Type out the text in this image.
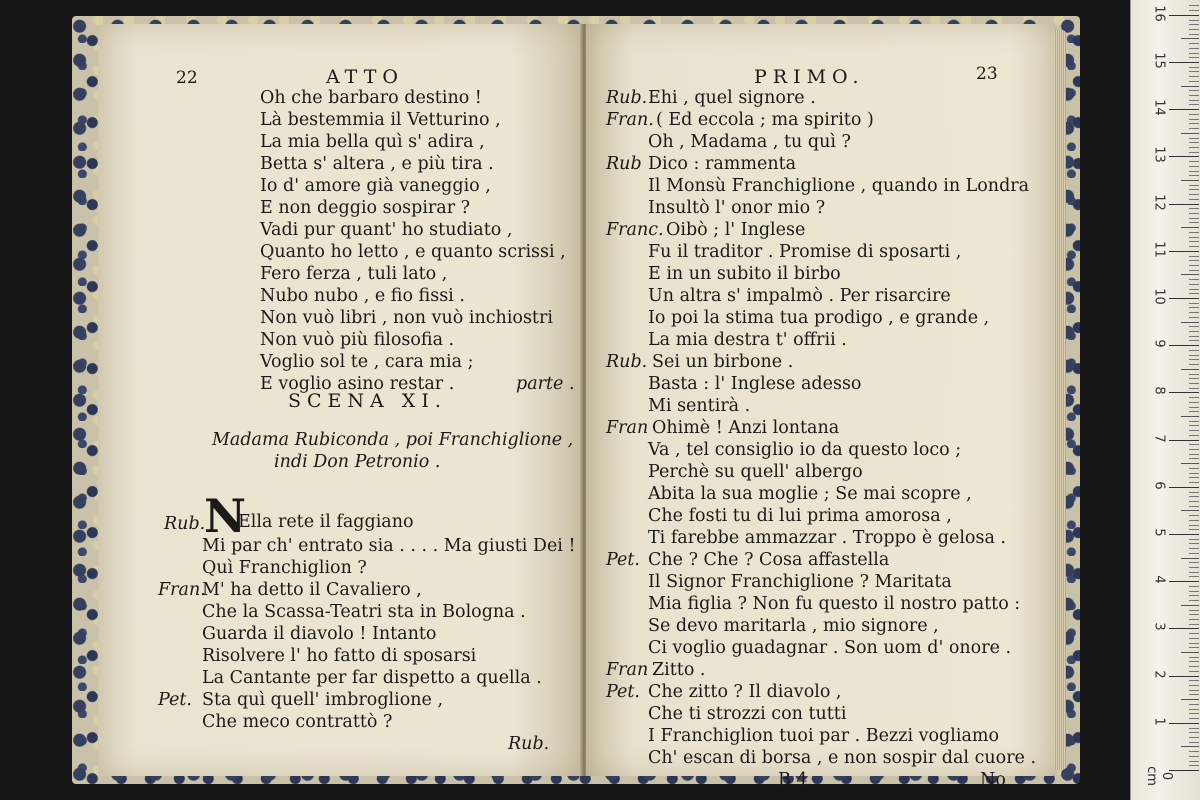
22	ATTO
Oh che barbaro destino !
Là bestemmia il Vetturino ,
La mia bella quì s' adira ,
Betta s' altera , e più tira .
Io d' amore già vaneggio ,
E non deggio sospirar ?
Vadi pur quant' ho studiato ,
Quanto ho letto , e quanto scrissi ,
Fero ferza , tuli lato ,
Nubo nubo , e fio fissi .
Non vuò libri , non vuò inchiostri
Non vuò più filosofia .
Voglio sol te , cara mia ;
E voglio asino restar .	parte .
SCENA XI.
Madama Rubiconda , poi Franchiglione ,
indi Don Petronio .
Rub.
N
Ella rete il faggiano
Mi par ch' entrato sia . . . . Ma giusti Dei !
Quì Franchiglion ?
Fran.
M' ha detto il Cavaliero ,
Che la Scassa-Teatri sta in Bologna .
Guarda il diavolo ! Intanto
Risolvere l' ho fatto di sposarsi
La Cantante per far dispetto a quella .
Pet. Sta quì quell' imbroglione ,
Che meco contrattò ?
Rub.
PRIMO.	23
Rub. Ehi , quel signore .
Fran. ( Ed eccola ; ma spirito )
Oh , Madama , tu quì ?
Rub Dico : rammenta
Il Monsù Franchiglione , quando in Londra
Insultò l' onor mio ?
Franc. Oibò ; l' Inglese
Fu il traditor . Promise di sposarti ,
E in un subito il birbo
Un altra s' impalmò . Per risarcire
Io poi la stima tua prodigo , e grande ,
La mia destra t' offrii .
Rub. Sei un birbone .
Basta : l' Inglese adesso
Mi sentirà .
Fran Ohimè ! Anzi lontana
Va , tel consiglio io da questo loco ;
Perchè su quell' albergo
Abita la sua moglie ; Se mai scopre ,
Che fosti tu di lui prima amorosa ,
Ti farebbe ammazzar . Troppo è gelosa .
Pet. Che ? Che ? Cosa affastella
Il Signor Franchiglione ? Maritata
Mia figlia ? Non fu questo il nostro patto :
Se devo maritarla , mio signore ,
Ci voglio guadagnar . Son uom d' onore .
Fran Zitto .
Pet. Che zitto ? Il diavolo ,
Che ti strozzi con tutti
I Franchiglion tuoi par . Bezzi vogliamo
Ch' escan di borsa , e non sospir dal cuore .
B 4	No	0 cm
1
2
3
4
5
6
7
8
9
10
11
12
13
14
15
16
